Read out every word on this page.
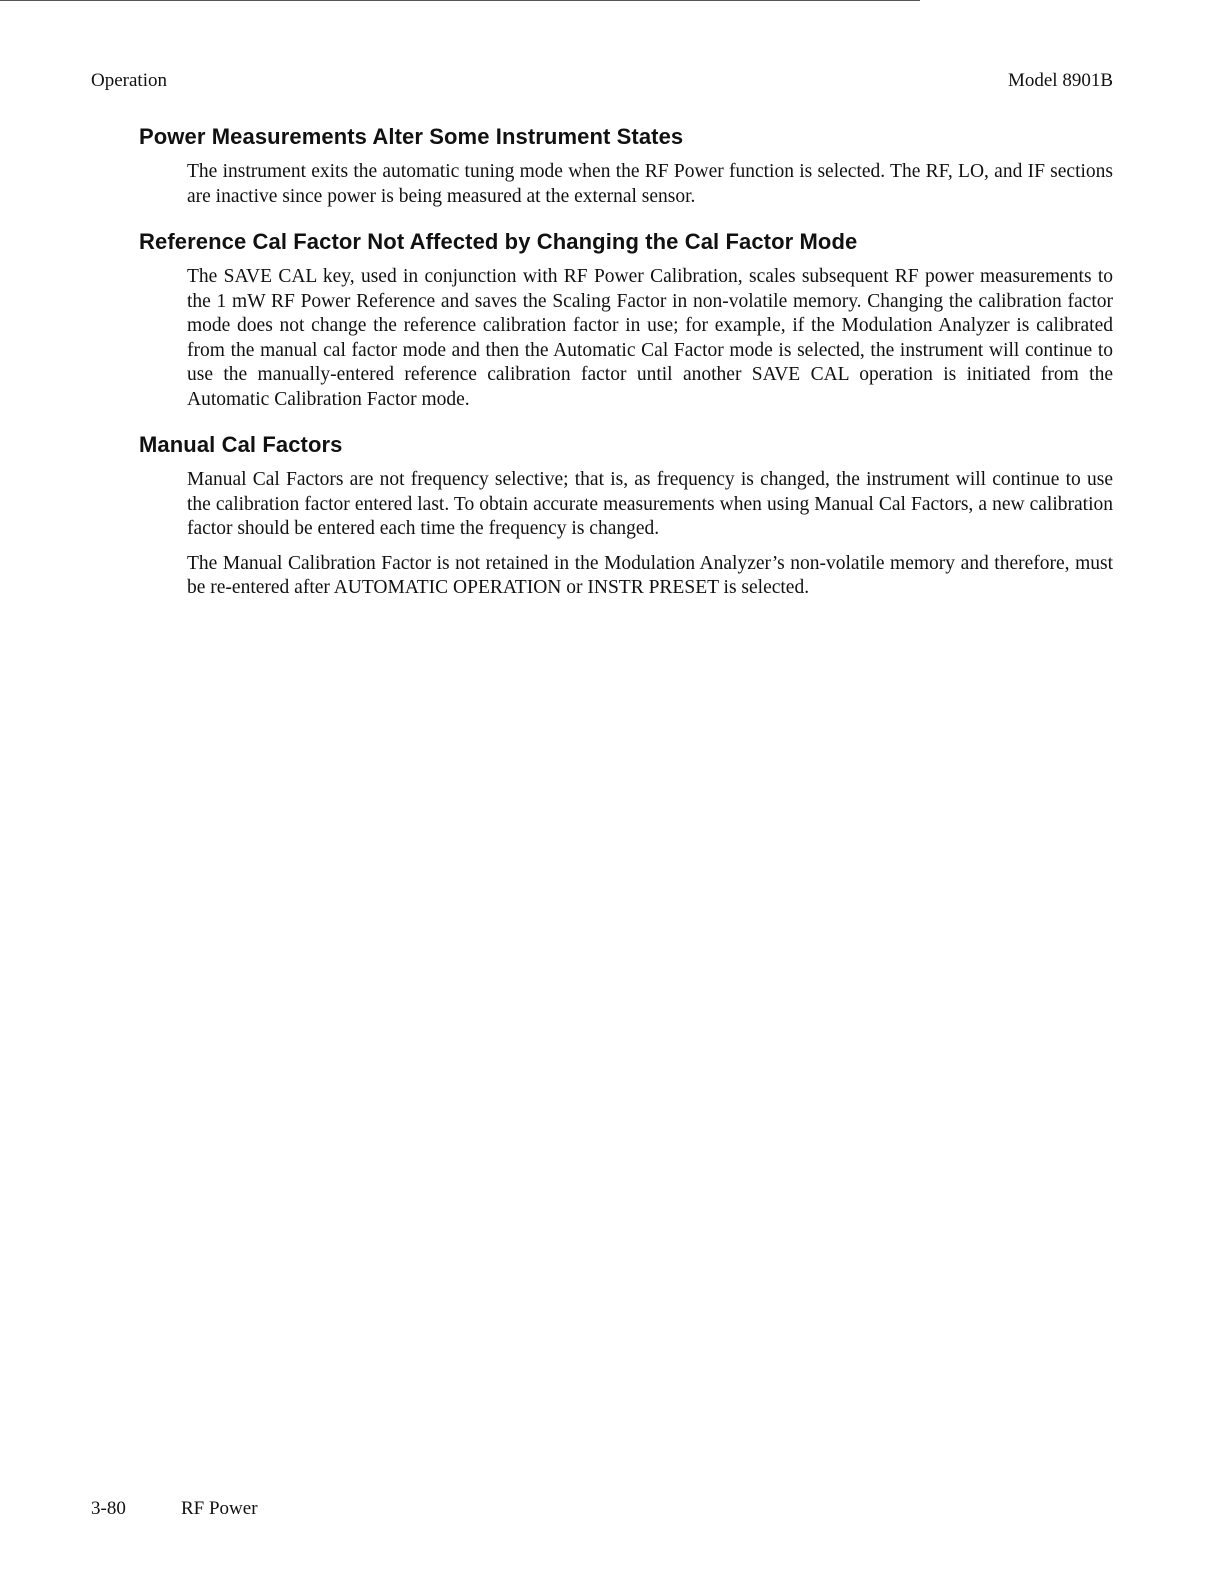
Operation	Model 8901B
Power Measurements Alter Some Instrument States

The instrument exits the automatic tuning mode when the RF Power function is selected. The RF, LO, and IF sections are inactive since power is being measured at the external sensor.

Reference Cal Factor Not Affected by Changing the Cal Factor Mode

The SAVE CAL key, used in conjunction with RF Power Calibration, scales subsequent RF power measurements to the 1 mW RF Power Reference and saves the Scaling Factor in non-volatile memory. Changing the calibration factor mode does not change the reference calibration factor in use; for example, if the Modulation Analyzer is calibrated from the manual cal factor mode and then the Automatic Cal Factor mode is selected, the instrument will continue to use the manually-entered reference calibration factor until another SAVE CAL operation is initiated from the Automatic Calibration Factor mode.

Manual Cal Factors

Manual Cal Factors are not frequency selective; that is, as frequency is changed, the instrument will continue to use the calibration factor entered last. To obtain accurate measurements when using Manual Cal Factors, a new calibration factor should be entered each time the frequency is changed.

The Manual Calibration Factor is not retained in the Modulation Analyzer’s non-volatile memory and therefore, must be re-entered after AUTOMATIC OPERATION or INSTR PRESET is selected.

3-80	RF Power
